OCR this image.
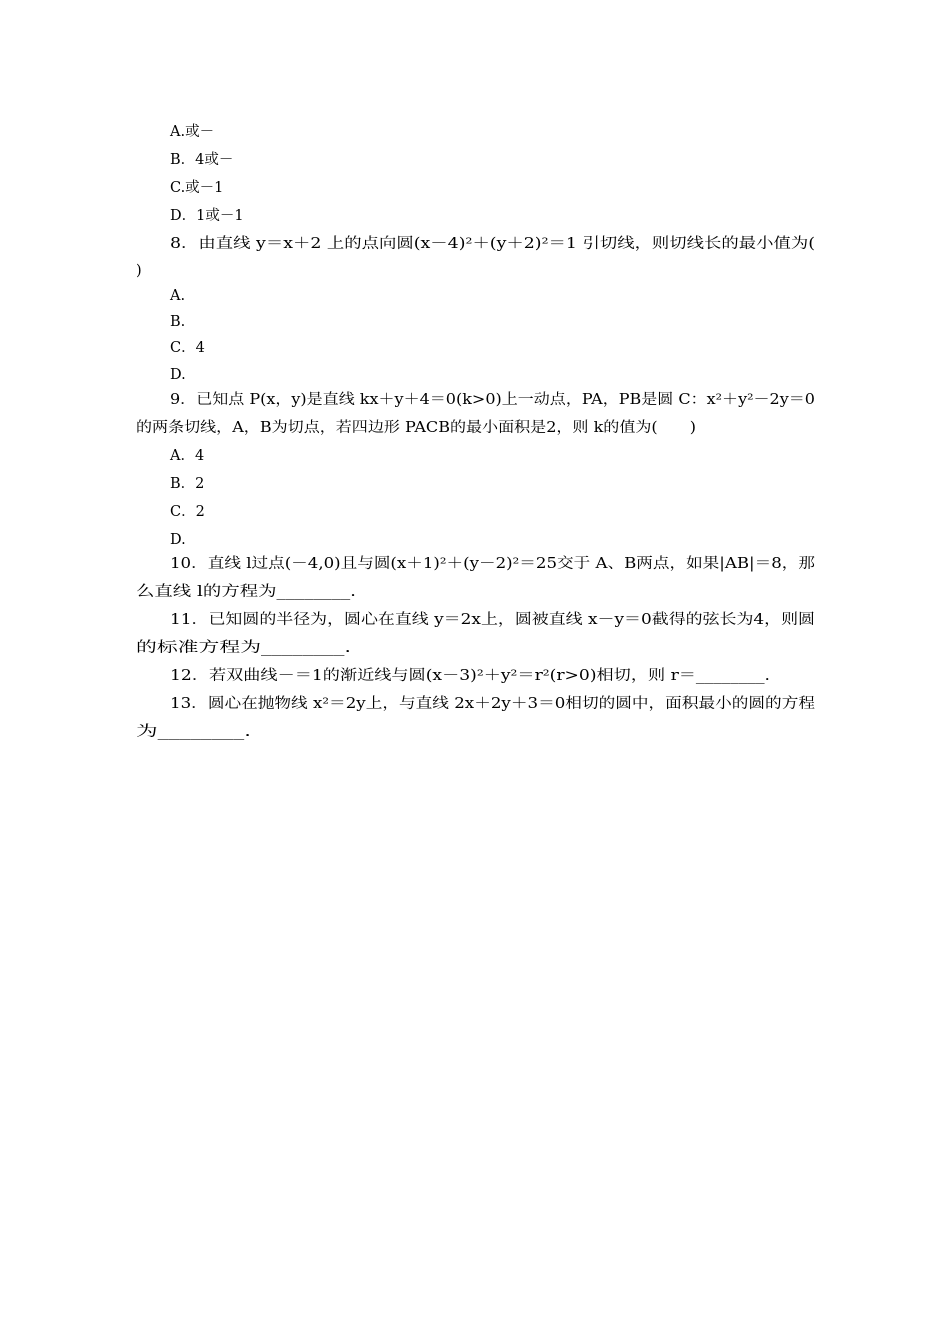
A.或－
B．4或－
C.或－1
D．1或－1
8．由直线 y＝x＋2 上的点向圆(x－4)²＋(y＋2)²＝1 引切线，则切线长的最小值为(
)
A.
B.
C．4
D.
9．已知点 P(x，y)是直线 kx＋y＋4＝0(k>0)上一动点，PA，PB是圆 C：x²＋y²－2y＝0
的两条切线，A，B为切点，若四边形 PACB的最小面积是2，则 k的值为(　　)
A．4
B．2
C．2
D.
10．直线 l过点(－4,0)且与圆(x＋1)²＋(y－2)²＝25交于 A、B两点，如果|AB|＝8，那
么直线 l的方程为________.
11．已知圆的半径为，圆心在直线 y＝2x上，圆被直线 x－y＝0截得的弦长为4，则圆
的标准方程为________.
12．若双曲线－＝1的渐近线与圆(x－3)²＋y²＝r²(r>0)相切，则 r＝________.
13．圆心在抛物线 x²＝2y上，与直线 2x＋2y＋3＝0相切的圆中，面积最小的圆的方程
为________.
